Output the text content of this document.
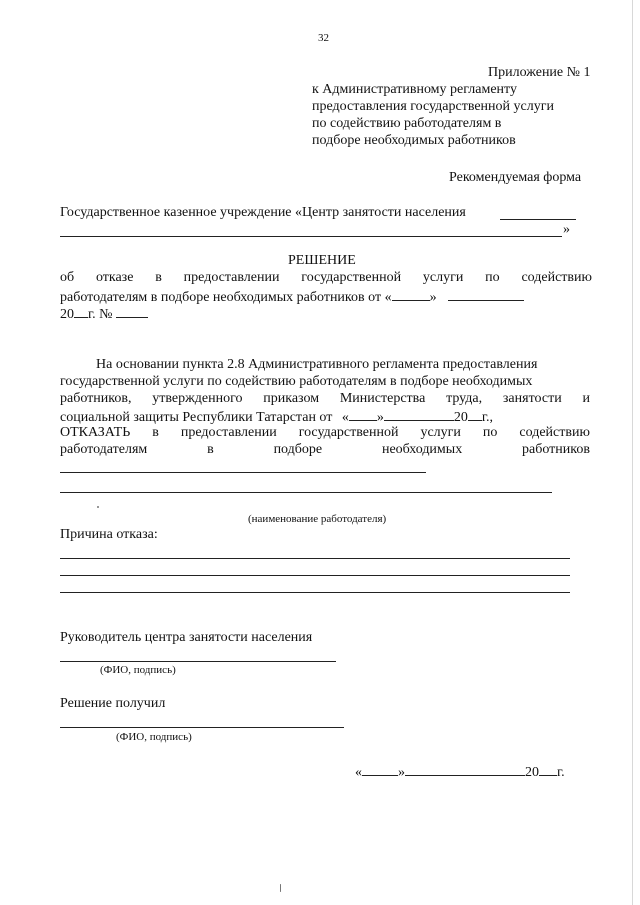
32
Приложение № 1
к Административному регламенту
предоставления государственной услуги
по содействию работодателям в
подборе необходимых работников
Рекомендуемая форма
Государственное казенное учреждение «Центр занятости населения
»
РЕШЕНИЕ
об отказе в предоставлении государственной услуги по содействию
работодателям в подборе необходимых работников от «	»
20 г. №
На основании пункта 2.8 Административного регламента предоставления
государственной услуги по содействию работодателям в подборе необходимых
работников, утвержденного приказом Министерства труда, занятости и
социальной защиты Республики Татарстан от « »	20 г.,
ОТКАЗАТЬ в предоставлении государственной услуги по содействию
работодателям	в	подборе	необходимых	работников
(наименование работодателя)
Причина отказа:
Руководитель центра занятости населения
(ФИО, подпись)
Решение получил
(ФИО, подпись)
«	»	20 г.
